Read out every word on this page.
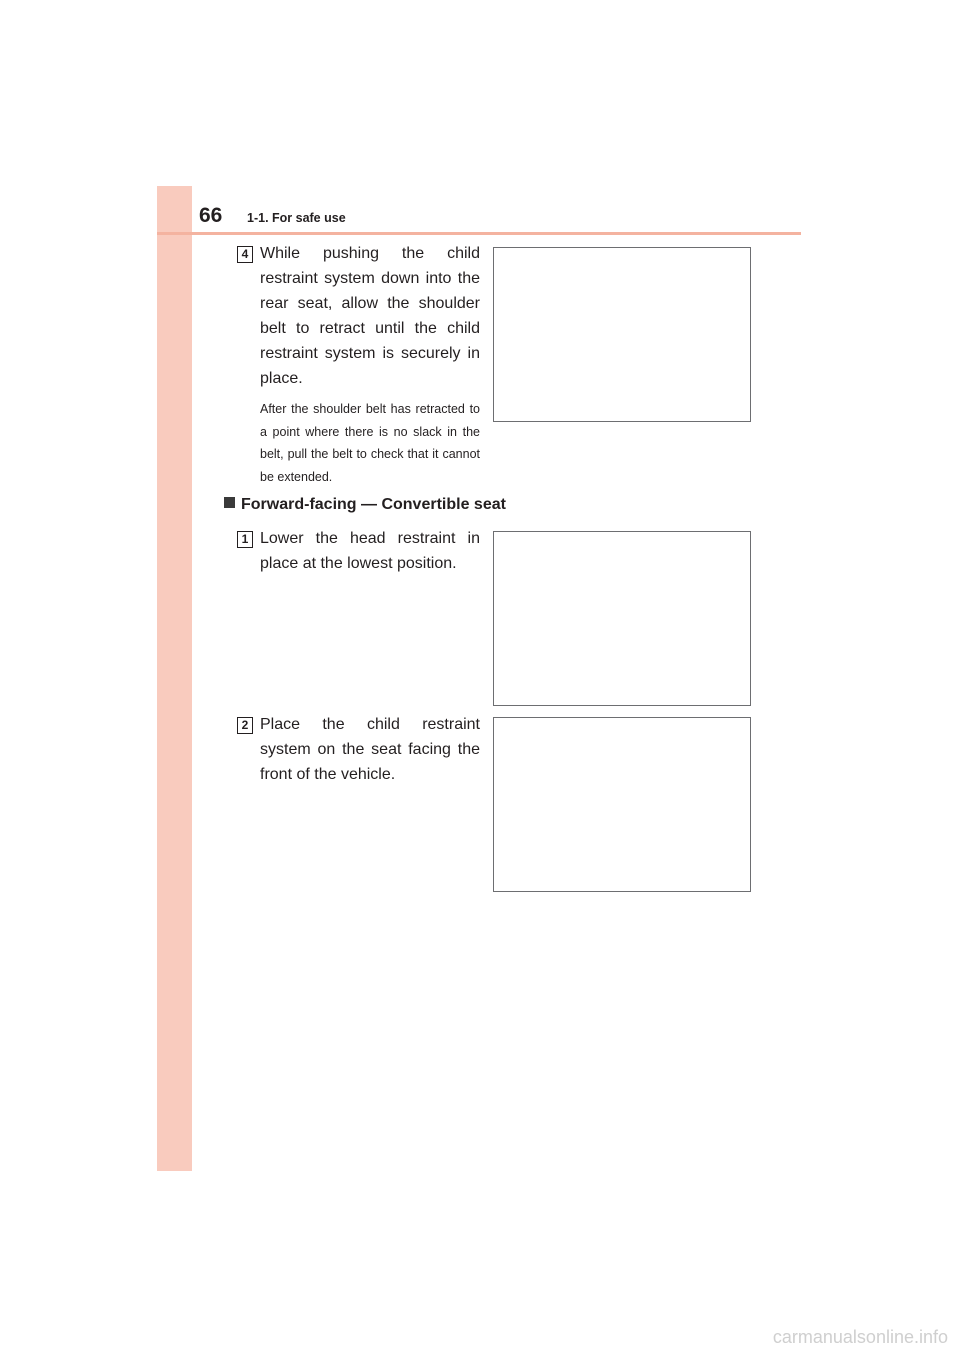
66 1-1. For safe use
4 While pushing the child restraint system down into the rear seat, allow the shoulder belt to retract until the child restraint system is securely in place.
After the shoulder belt has retracted to a point where there is no slack in the belt, pull the belt to check that it cannot be extended.
Forward-facing — Convertible seat
1 Lower the head restraint in place at the lowest position.
2 Place the child restraint system on the seat facing the front of the vehicle.
carmanualsonline.info
